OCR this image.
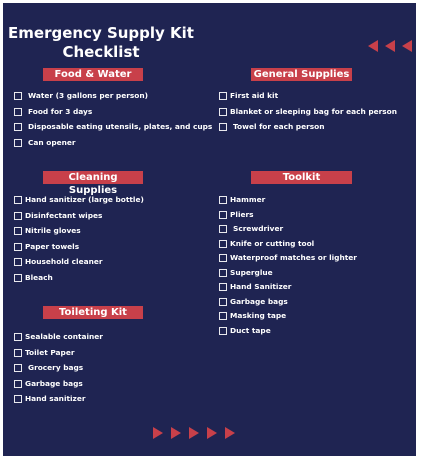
Emergency Supply Kit
Checklist
Food & Water	General Supplies
Cleaning Supplies
Toolkit
Toileting Kit
Water (3 gallons per person)
Food for 3 days
Disposable eating utensils, plates, and cups
Can opener
First aid kit
Blanket or sleeping bag for each person
Towel for each person
Hand sanitizer (large bottle)
Disinfectant wipes
Nitrile gloves
Paper towels
Household cleaner
Bleach
Hammer
Pliers
Screwdriver
Knife or cutting tool
Waterproof matches or lighter
Superglue
Hand Sanitizer
Garbage bags
Masking tape
Duct tape
Sealable container
Toilet Paper
Grocery bags
Garbage bags
Hand sanitizer
